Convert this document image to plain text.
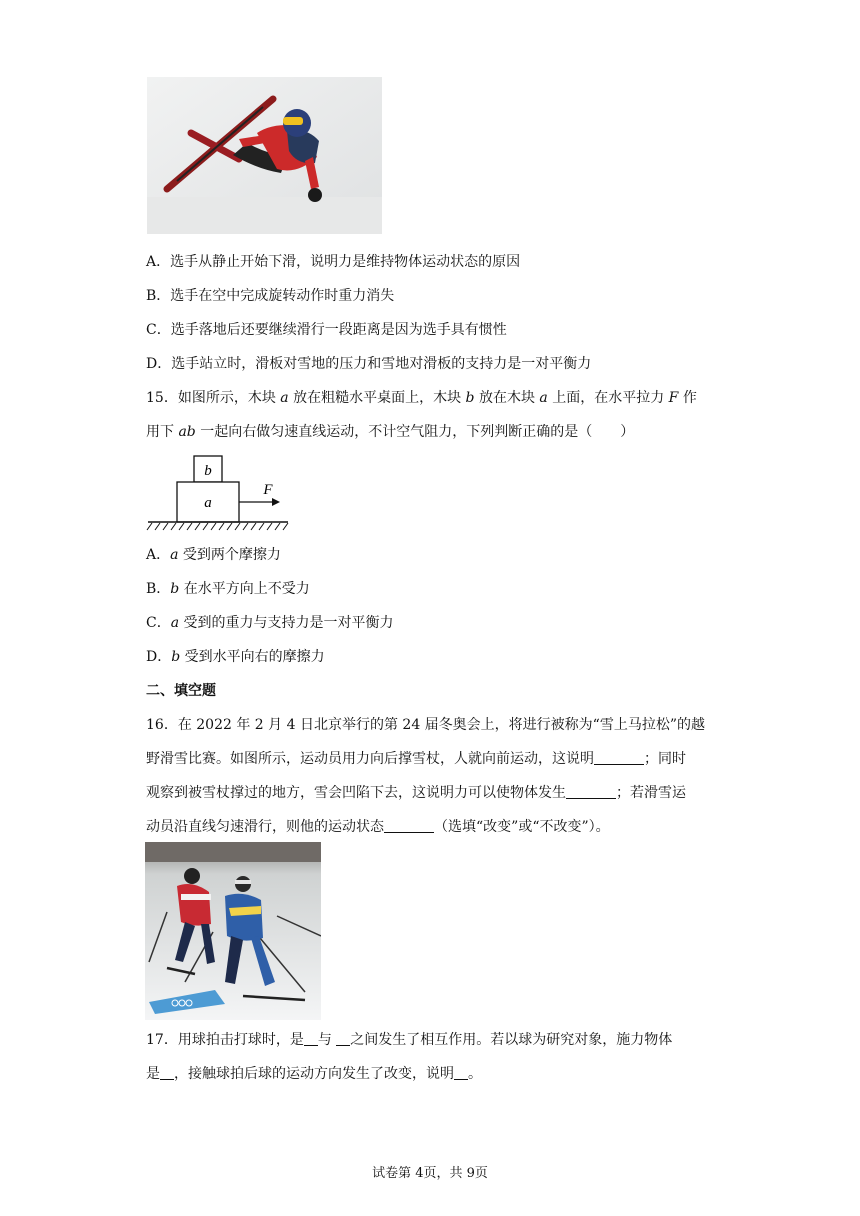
A．选手从静止开始下滑，说明力是维持物体运动状态的原因
B．选手在空中完成旋转动作时重力消失
C．选手落地后还要继续滑行一段距离是因为选手具有惯性
D．选手站立时，滑板对雪地的压力和雪地对滑板的支持力是一对平衡力
15．如图所示，木块 a 放在粗糙水平桌面上，木块 b 放在木块 a 上面，在水平拉力 F 作
用下 ab 一起向右做匀速直线运动，不计空气阻力，下列判断正确的是（　　）
b
a
F
A．a 受到两个摩擦力
B．b 在水平方向上不受力
C．a 受到的重力与支持力是一对平衡力
D．b 受到水平向右的摩擦力
二、填空题
16．在 2022 年 2 月 4 日北京举行的第 24 届冬奥会上，将进行被称为“雪上马拉松”的越
野滑雪比赛。如图所示，运动员用力向后撑雪杖，人就向前运动，这说明	；同时
观察到被雪杖撑过的地方，雪会凹陷下去，这说明力可以使物体发生	；若滑雪运
动员沿直线匀速滑行，则他的运动状态	（选填“改变”或“不改变”）。
17．用球拍击打球时，是 与 之间发生了相互作用。若以球为研究对象，施力物体
是 ，接触球拍后球的运动方向发生了改变，说明 。
试卷第 4页，共 9页
